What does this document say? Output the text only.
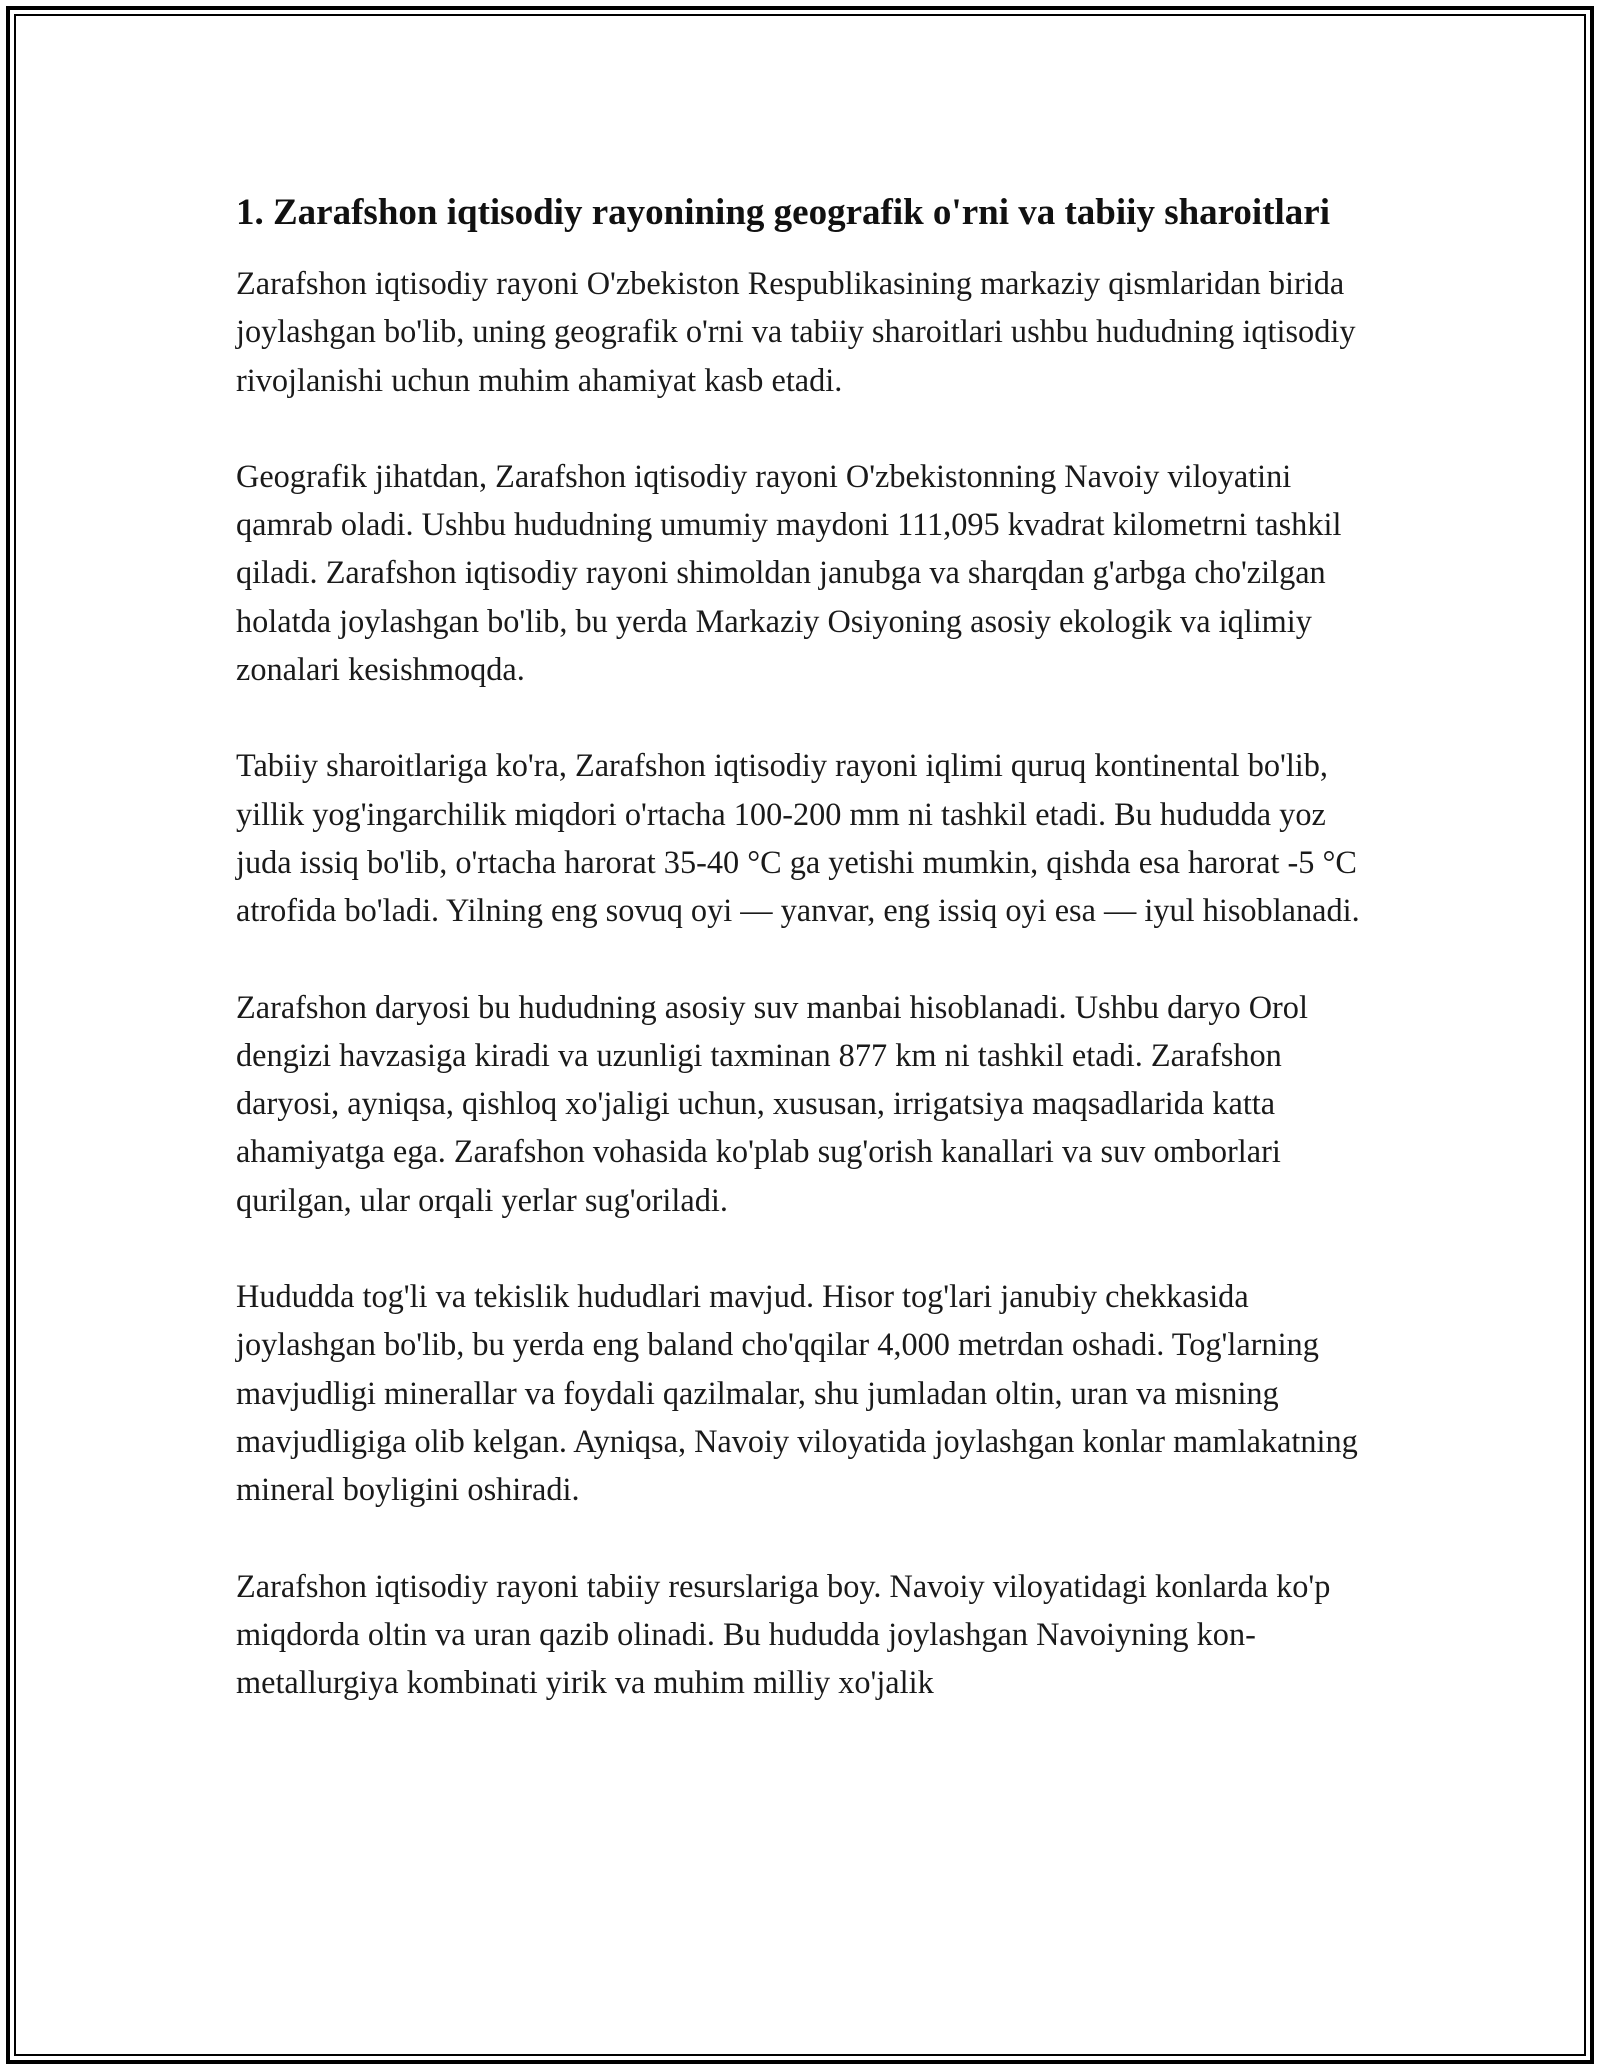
1. Zarafshon iqtisodiy rayonining geografik o'rni va tabiiy sharoitlari

Zarafshon iqtisodiy rayoni O'zbekiston Respublikasining markaziy qismlaridan birida joylashgan bo'lib, uning geografik o'rni va tabiiy sharoitlari ushbu hududning iqtisodiy rivojlanishi uchun muhim ahamiyat kasb etadi.

Geografik jihatdan, Zarafshon iqtisodiy rayoni O'zbekistonning Navoiy viloyatini qamrab oladi. Ushbu hududning umumiy maydoni 111,095 kvadrat kilometrni tashkil qiladi. Zarafshon iqtisodiy rayoni shimoldan janubga va sharqdan g'arbga cho'zilgan holatda joylashgan bo'lib, bu yerda Markaziy Osiyoning asosiy ekologik va iqlimiy zonalari kesishmoqda.

Tabiiy sharoitlariga ko'ra, Zarafshon iqtisodiy rayoni iqlimi quruq kontinental bo'lib, yillik yog'ingarchilik miqdori o'rtacha 100-200 mm ni tashkil etadi. Bu hududda yoz juda issiq bo'lib, o'rtacha harorat 35-40 °C ga yetishi mumkin, qishda esa harorat -5 °C atrofida bo'ladi. Yilning eng sovuq oyi — yanvar, eng issiq oyi esa — iyul hisoblanadi.

Zarafshon daryosi bu hududning asosiy suv manbai hisoblanadi. Ushbu daryo Orol dengizi havzasiga kiradi va uzunligi taxminan 877 km ni tashkil etadi. Zarafshon daryosi, ayniqsa, qishloq xo'jaligi uchun, xususan, irrigatsiya maqsadlarida katta ahamiyatga ega. Zarafshon vohasida ko'plab sug'orish kanallari va suv omborlari qurilgan, ular orqali yerlar sug'oriladi.

Hududda tog'li va tekislik hududlari mavjud. Hisor tog'lari janubiy chekkasida joylashgan bo'lib, bu yerda eng baland cho'qqilar 4,000 metrdan oshadi. Tog'larning mavjudligi minerallar va foydali qazilmalar, shu jumladan oltin, uran va misning mavjudligiga olib kelgan. Ayniqsa, Navoiy viloyatida joylashgan konlar mamlakatning mineral boyligini oshiradi.

Zarafshon iqtisodiy rayoni tabiiy resurslariga boy. Navoiy viloyatidagi konlarda ko'p miqdorda oltin va uran qazib olinadi. Bu hududda joylashgan Navoiyning kon-metallurgiya kombinati yirik va muhim milliy xo'jalik
